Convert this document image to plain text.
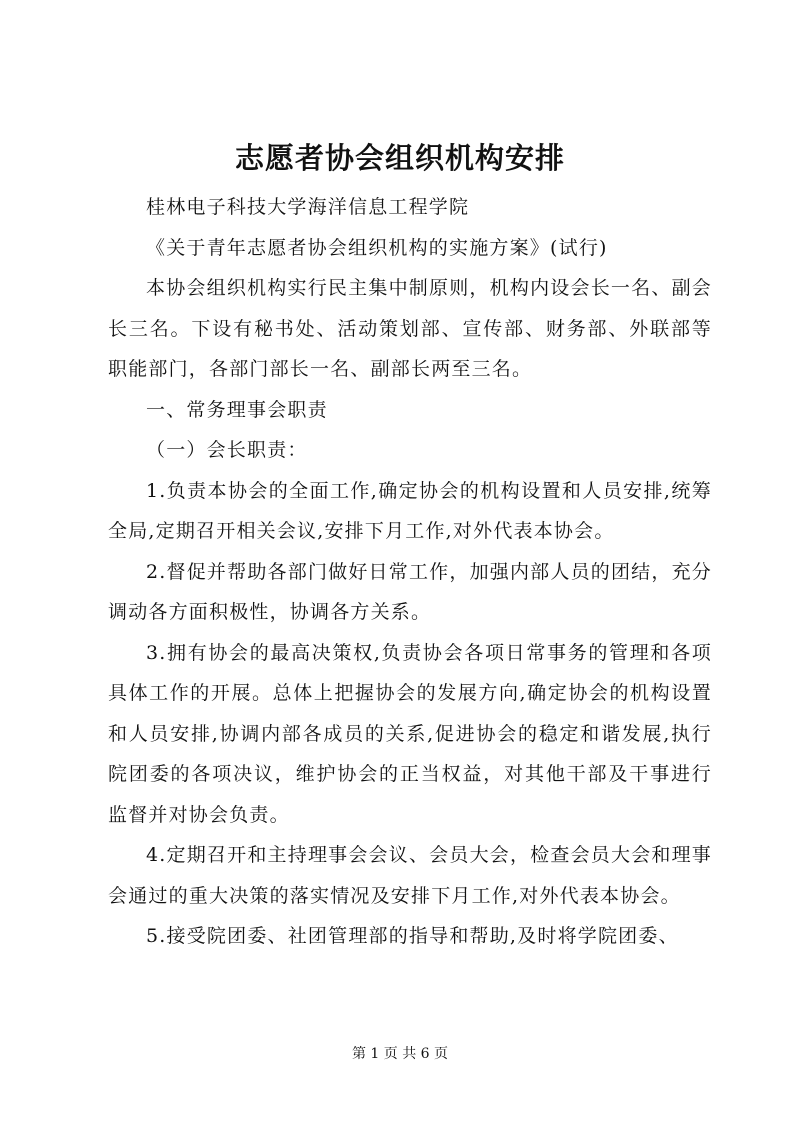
志愿者协会组织机构安排

桂林电子科技大学海洋信息工程学院

《关于青年志愿者协会组织机构的实施方案》(试行)

本协会组织机构实行民主集中制原则，机构内设会长一名、副会长三名。下设有秘书处、活动策划部、宣传部、财务部、外联部等职能部门，各部门部长一名、副部长两至三名。

一、常务理事会职责

（一）会长职责：

1.负责本协会的全面工作,确定协会的机构设置和人员安排,统筹全局,定期召开相关会议,安排下月工作,对外代表本协会。

2.督促并帮助各部门做好日常工作，加强内部人员的团结，充分调动各方面积极性，协调各方关系。

3.拥有协会的最高决策权,负责协会各项日常事务的管理和各项具体工作的开展。总体上把握协会的发展方向,确定协会的机构设置和人员安排,协调内部各成员的关系,促进协会的稳定和谐发展,执行院团委的各项决议，维护协会的正当权益，对其他干部及干事进行监督并对协会负责。

4.定期召开和主持理事会会议、会员大会，检查会员大会和理事会通过的重大决策的落实情况及安排下月工作,对外代表本协会。

5.接受院团委、社团管理部的指导和帮助,及时将学院团委、

第 1 页 共 6 页
